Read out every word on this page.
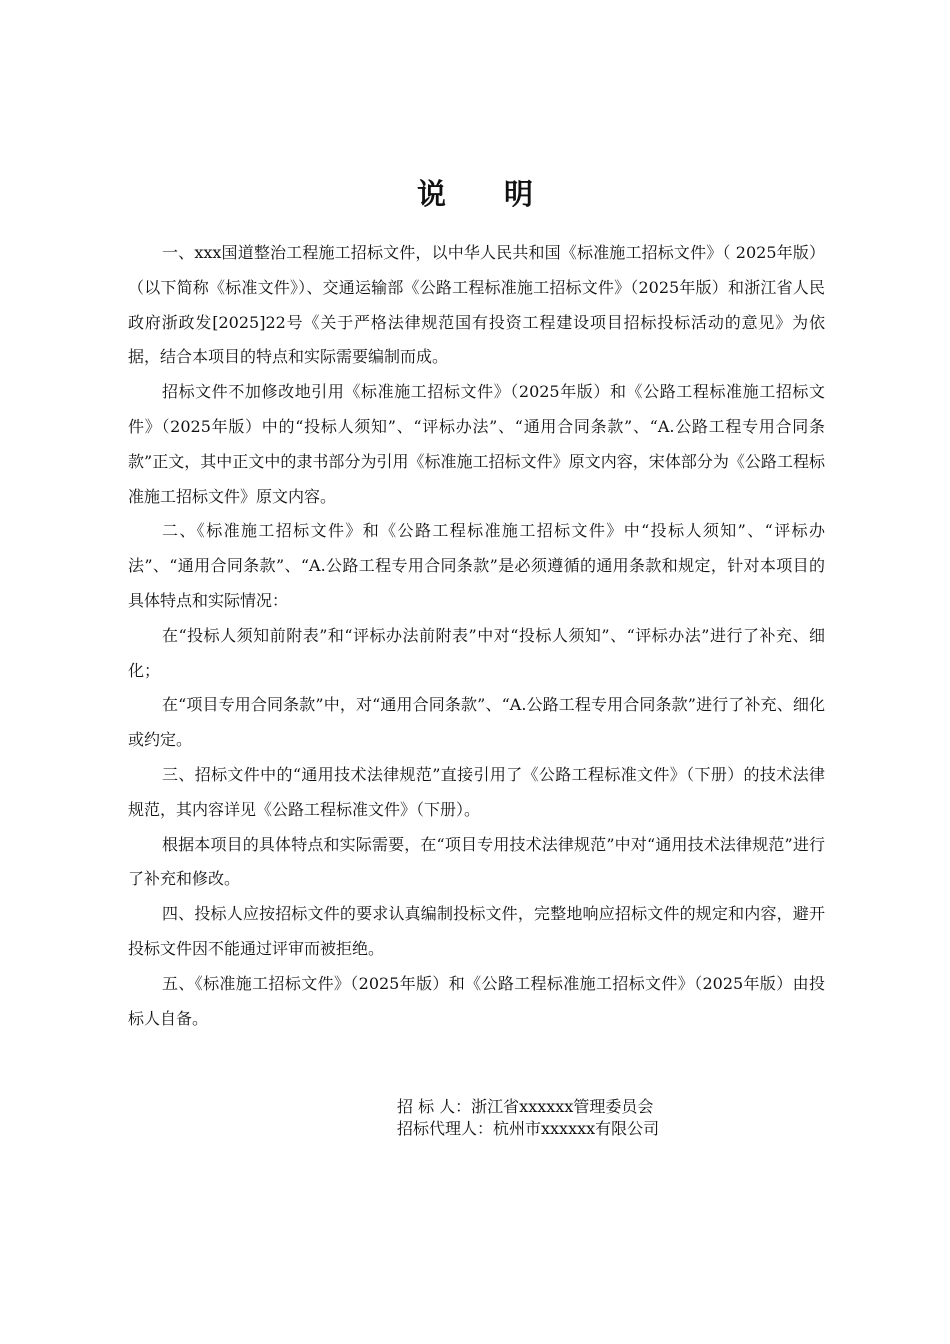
说明

一、xxx国道整治工程施工招标文件，以中华人民共和国《标准施工招标文件》（ 2025年版）（以下简称《标准文件》）、交通运输部《公路工程标准施工招标文件》（2025年版）和浙江省人民政府浙政发[2025]22号《关于严格法律规范国有投资工程建设项目招标投标活动的意见》为依据，结合本项目的特点和实际需要编制而成。

招标文件不加修改地引用《标准施工招标文件》（2025年版）和《公路工程标准施工招标文件》（2025年版）中的“投标人须知”、“评标办法”、“通用合同条款”、“A.公路工程专用合同条款”正文，其中正文中的隶书部分为引用《标准施工招标文件》原文内容，宋体部分为《公路工程标准施工招标文件》原文内容。

二、《标准施工招标文件》和《公路工程标准施工招标文件》中“投标人须知”、“评标办法”、“通用合同条款”、“A.公路工程专用合同条款”是必须遵循的通用条款和规定，针对本项目的具体特点和实际情况：

在“投标人须知前附表”和“评标办法前附表”中对“投标人须知”、“评标办法”进行了补充、细化；

在“项目专用合同条款”中，对“通用合同条款”、“A.公路工程专用合同条款”进行了补充、细化或约定。

三、招标文件中的“通用技术法律规范”直接引用了《公路工程标准文件》（下册）的技术法律规范，其内容详见《公路工程标准文件》（下册）。

根据本项目的具体特点和实际需要，在“项目专用技术法律规范”中对“通用技术法律规范”进行了补充和修改。

四、投标人应按招标文件的要求认真编制投标文件，完整地响应招标文件的规定和内容，避开投标文件因不能通过评审而被拒绝。

五、《标准施工招标文件》（2025年版）和《公路工程标准施工招标文件》（2025年版）由投标人自备。

招 标 人：浙江省xxxxxx管理委员会
招标代理人：杭州市xxxxxx有限公司
